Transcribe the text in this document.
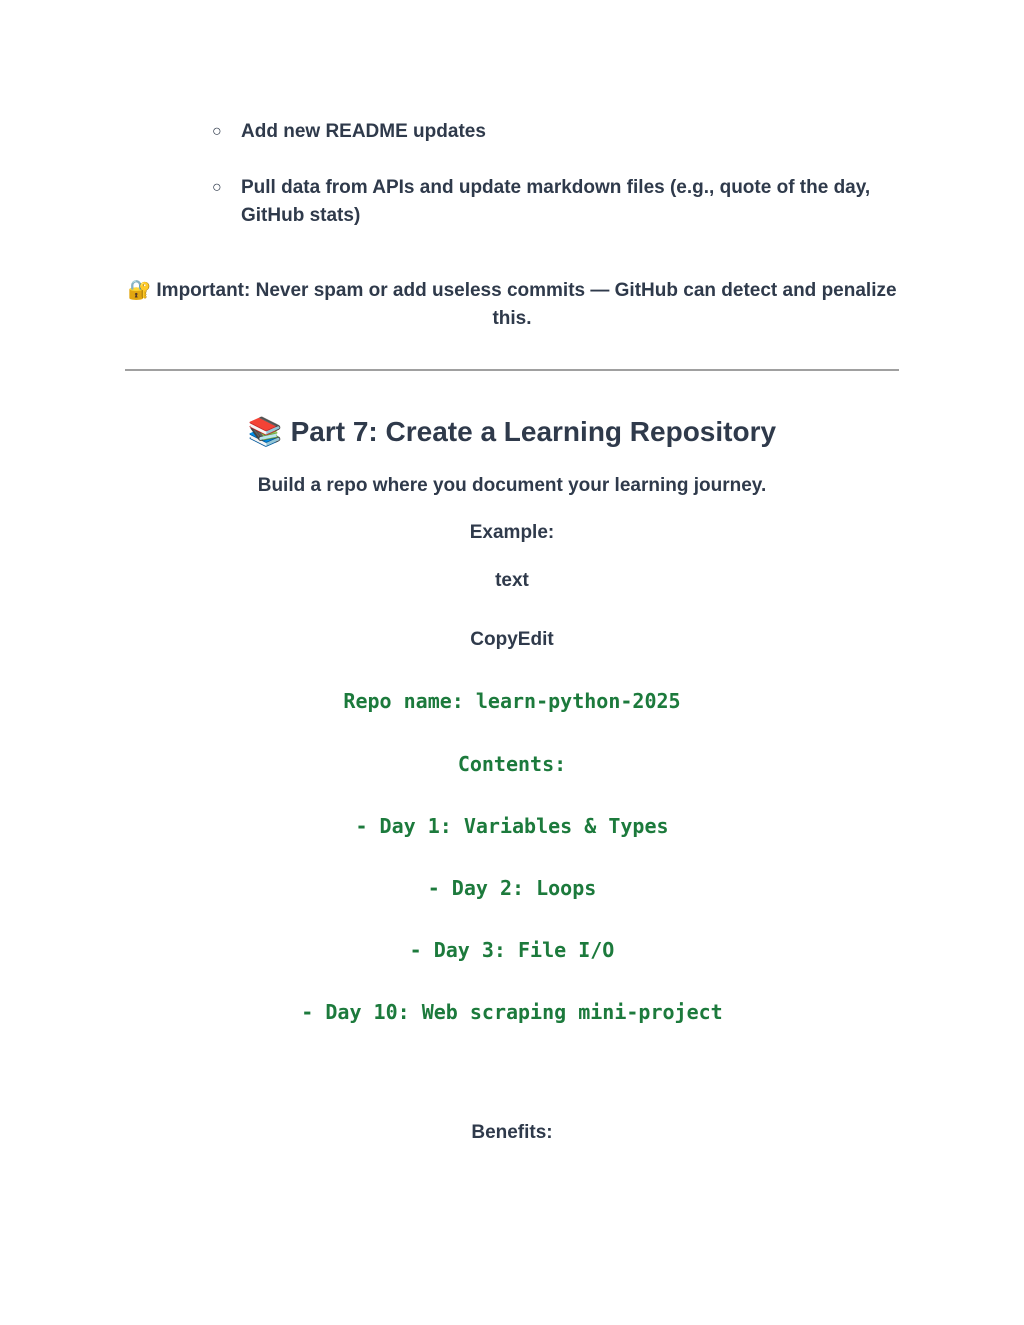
○	Add new README updates
○	Pull data from APIs and update markdown files (e.g., quote of the day, GitHub stats)
🔐 Important: Never spam or add useless commits — GitHub can detect and penalize this.
📚 Part 7: Create a Learning Repository
Build a repo where you document your learning journey.
Example:
text
CopyEdit
Repo name: learn-python-2025
Contents:
- Day 1: Variables & Types
- Day 2: Loops
- Day 3: File I/O
- Day 10: Web scraping mini-project
Benefits:
